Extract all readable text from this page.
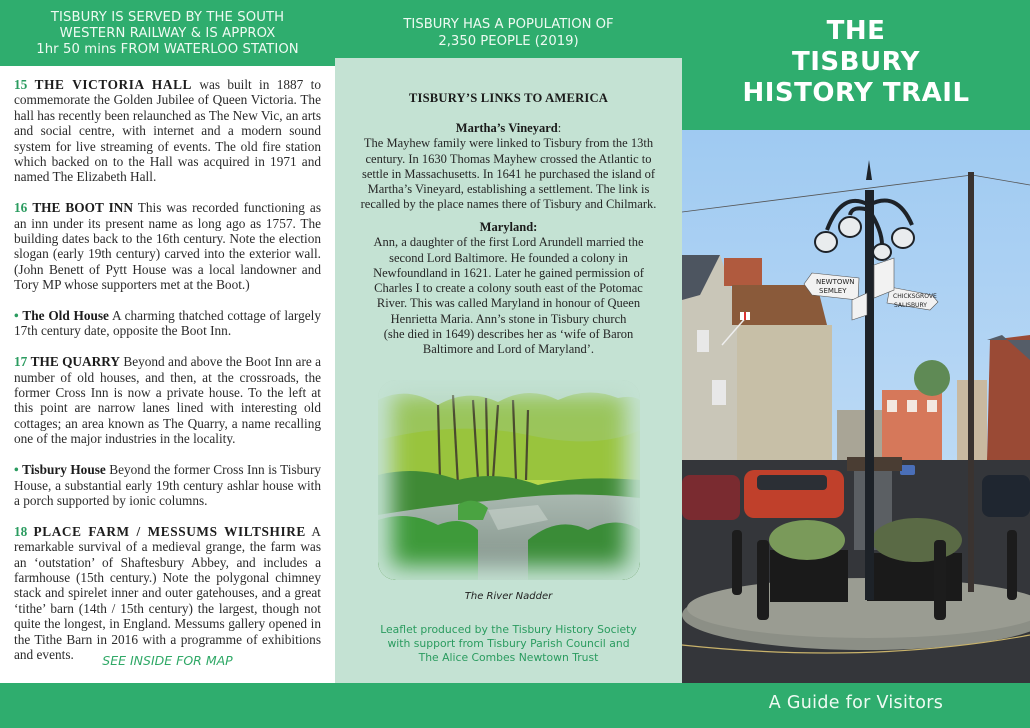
A Guide for Visitors
TISBURY IS SERVED BY THE SOUTH
WESTERN RAILWAY & IS APPROX
1hr 50 mins FROM WATERLOO STATION

15 THE VICTORIA HALL was built in 1887 to commemorate the Golden Jubilee of Queen Victoria. The hall has recently been relaunched as The New Vic, an arts and social centre, with internet and a modern sound system for live streaming of events. The old fire station which backed on to the Hall was acquired in 1971 and named The Elizabeth Hall.

16 THE BOOT INN This was recorded functioning as an inn under its present name as long ago as 1757. The building dates back to the 16th century. Note the election slogan (early 19th century) carved into the exterior wall. (John Benett of Pytt House was a local landowner and Tory MP whose supporters met at the Boot.)

• The Old House A charming thatched cottage of largely 17th century date, opposite the Boot Inn.

17 THE QUARRY Beyond and above the Boot Inn are a number of old houses, and then, at the crossroads, the former Cross Inn is now a private house. To the left at this point are narrow lanes lined with interesting old cottages; an area known as The Quarry, a name recalling one of the major industries in the locality.

• Tisbury House Beyond the former Cross Inn is Tisbury House, a substantial early 19th century ashlar house with a porch supported by ionic columns.

18 PLACE FARM / MESSUMS WILTSHIRE A remarkable survival of a medieval grange, the farm was an ‘outstation’ of Shaftesbury Abbey, and includes a farmhouse (15th century.) Note the polygonal chimney stack and spirelet inner and outer gatehouses, and a great ‘tithe’ barn (14th / 15th century) the largest, though not quite the longest, in England. Messums gallery opened in the Tithe Barn in 2016 with a programme of exhibitions and events.	SEE INSIDE FOR MAP
TISBURY HAS A POPULATION OF
2,350 PEOPLE (2019)
TISBURY’S LINKS TO AMERICA
Martha’s Vineyard:
The Mayhew family were linked to Tisbury from the 13th
century. In 1630 Thomas Mayhew crossed the Atlantic to
settle in Massachusetts. In 1641 he purchased the island of
Martha’s Vineyard, establishing a settlement. The link is
recalled by the place names there of Tisbury and Chilmark.
Maryland:
Ann, a daughter of the first Lord Arundell married the
second Lord Baltimore. He founded a colony in
Newfoundland in 1621. Later he gained permission of
Charles I to create a colony south east of the Potomac
River. This was called Maryland in honour of Queen
Henrietta Maria. Ann’s stone in Tisbury church
(she died in 1649) describes her as ‘wife of Baron
Baltimore and Lord of Maryland’.
The River Nadder
Leaflet produced by the Tisbury History Society
with support from Tisbury Parish Council and
The Alice Combes Newtown Trust
THE
TISBURY
HISTORY TRAIL
NEWTOWN
SEMLEY
CHICKSGROVE
SALISBURY
